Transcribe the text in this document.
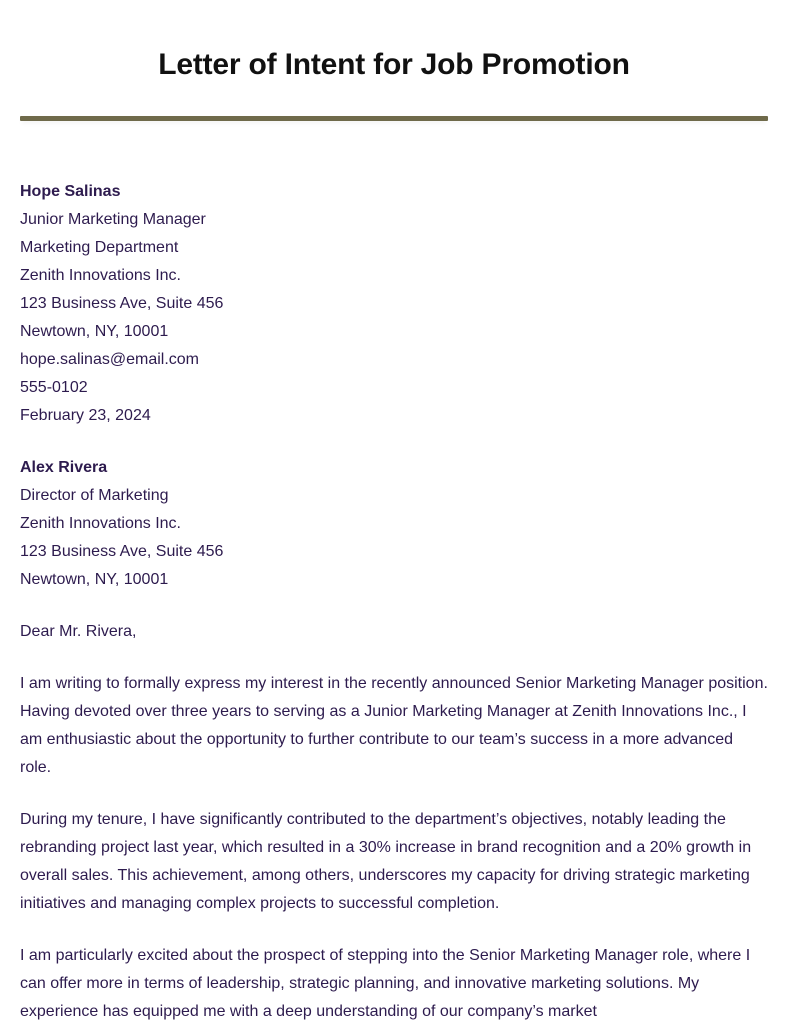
Letter of Intent for Job Promotion
Hope Salinas
Junior Marketing Manager
Marketing Department
Zenith Innovations Inc.
123 Business Ave, Suite 456
Newtown, NY, 10001
hope.salinas@email.com
555-0102
February 23, 2024
Alex Rivera
Director of Marketing
Zenith Innovations Inc.
123 Business Ave, Suite 456
Newtown, NY, 10001
Dear Mr. Rivera,

I am writing to formally express my interest in the recently announced Senior Marketing Manager position. Having devoted over three years to serving as a Junior Marketing Manager at Zenith Innovations Inc., I am enthusiastic about the opportunity to further contribute to our team’s success in a more advanced role.

During my tenure, I have significantly contributed to the department’s objectives, notably leading the rebranding project last year, which resulted in a 30% increase in brand recognition and a 20% growth in overall sales. This achievement, among others, underscores my capacity for driving strategic marketing initiatives and managing complex projects to successful completion.

I am particularly excited about the prospect of stepping into the Senior Marketing Manager role, where I can offer more in terms of leadership, strategic planning, and innovative marketing solutions. My experience has equipped me with a deep understanding of our company’s market
